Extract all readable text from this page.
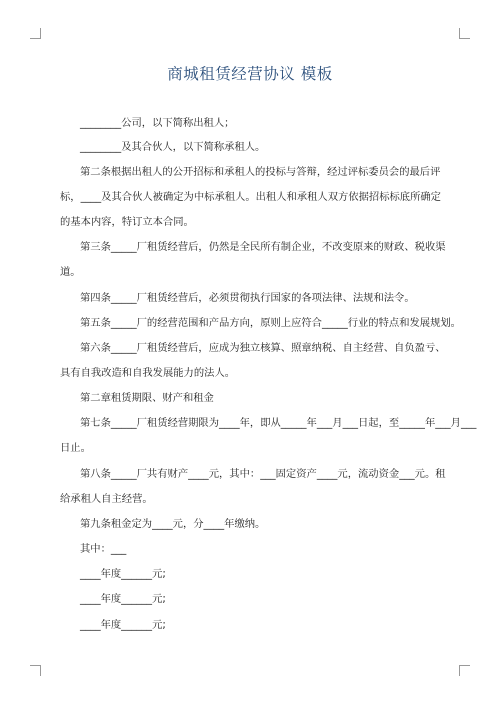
商城租赁经营协议 模板
________公司，以下简称出租人；
________及其合伙人，以下简称承租人。
第二条根据出租人的公开招标和承租人的投标与答辩，经过评标委员会的最后评
标，____及其合伙人被确定为中标承租人。出租人和承租人双方依据招标标底所确定
的基本内容，特订立本合同。
第三条_____厂租赁经营后，仍然是全民所有制企业，不改变原来的财政、税收渠
道。
第四条_____厂租赁经营后，必须贯彻执行国家的各项法律、法规和法令。
第五条_____厂的经营范围和产品方向，原则上应符合_____行业的特点和发展规划。
第六条_____厂租赁经营后，应成为独立核算、照章纳税、自主经营、自负盈亏、
具有自我改造和自我发展能力的法人。
第二章租赁期限、财产和租金
第七条_____厂租赁经营期限为____年，即从_____年___月___日起，至_____年___月___
日止。
第八条_____厂共有财产____元，其中：___固定资产____元，流动资金___元。租
给承租人自主经营。
第九条租金定为____元，分____年缴纳。
其中：___
____年度______元;
____年度______元;
____年度______元;
